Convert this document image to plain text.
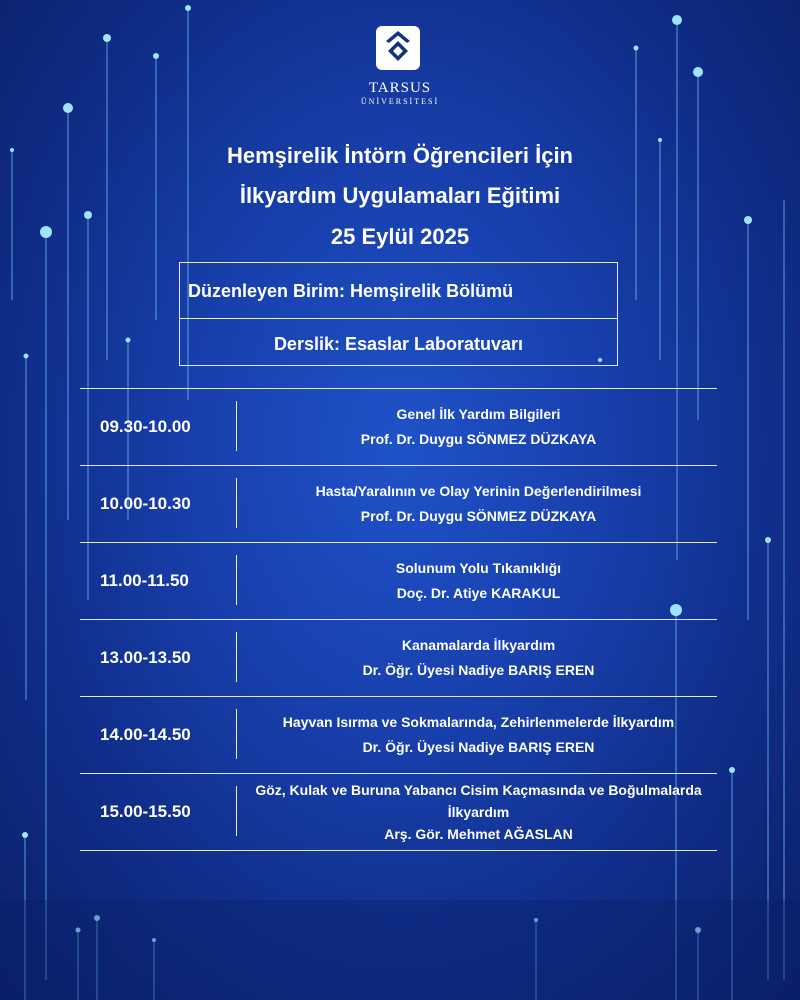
TARSUS
ÜNİVERSİTESİ
Hemşirelik İntörn Öğrencileri İçin
İlkyardım Uygulamaları Eğitimi
25 Eylül 2025
Düzenleyen Birim: Hemşirelik Bölümü
Derslik: Esaslar Laboratuvarı
09.30-10.00
Genel İlk Yardım Bilgileri
Prof. Dr. Duygu SÖNMEZ DÜZKAYA
10.00-10.30
Hasta/Yaralının ve Olay Yerinin Değerlendirilmesi
Prof. Dr. Duygu SÖNMEZ DÜZKAYA
11.00-11.50
Solunum Yolu Tıkanıklığı
Doç. Dr. Atiye KARAKUL
13.00-13.50
Kanamalarda İlkyardım
Dr. Öğr. Üyesi Nadiye BARIŞ EREN
14.00-14.50
Hayvan Isırma ve Sokmalarında, Zehirlenmelerde İlkyardım
Dr. Öğr. Üyesi Nadiye BARIŞ EREN
15.00-15.50
Göz, Kulak ve Buruna Yabancı Cisim Kaçmasında ve Boğulmalarda İlkyardım
Arş. Gör. Mehmet AĞASLAN
